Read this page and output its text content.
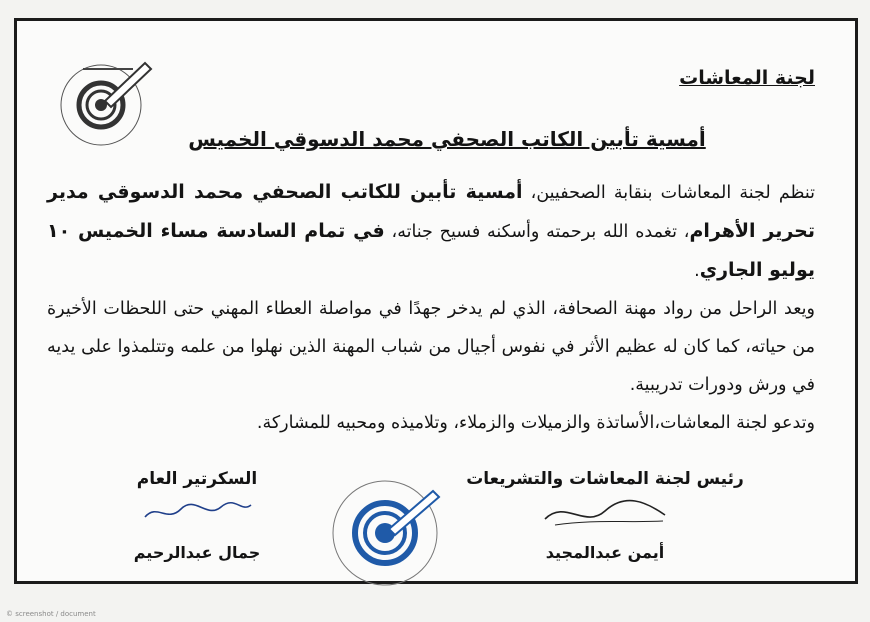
لجنة المعاشات
أمسية تأبين الكاتب الصحفي محمد الدسوقي الخميس
تنظم لجنة المعاشات بنقابة الصحفيين، أمسية تأبين للكاتب الصحفي محمد الدسوقي مدير تحرير الأهرام، تغمده الله برحمته وأسكنه فسيح جناته، في تمام السادسة مساء الخميس ١٠ يوليو الجاري.
ويعد الراحل من رواد مهنة الصحافة، الذي لم يدخر جهدًا في مواصلة العطاء المهني حتى اللحظات الأخيرة من حياته، كما كان له عظيم الأثر في نفوس أجيال من شباب المهنة الذين نهلوا من علمه وتتلمذوا على يديه في ورش ودورات تدريبية.
وتدعو لجنة المعاشات،الأساتذة والزميلات والزملاء، وتلاميذه ومحبيه للمشاركة.
رئيس لجنة المعاشات والتشريعات
أيمن عبدالمجيد
السكرتير العام
جمال عبدالرحيم
© screenshot / document
